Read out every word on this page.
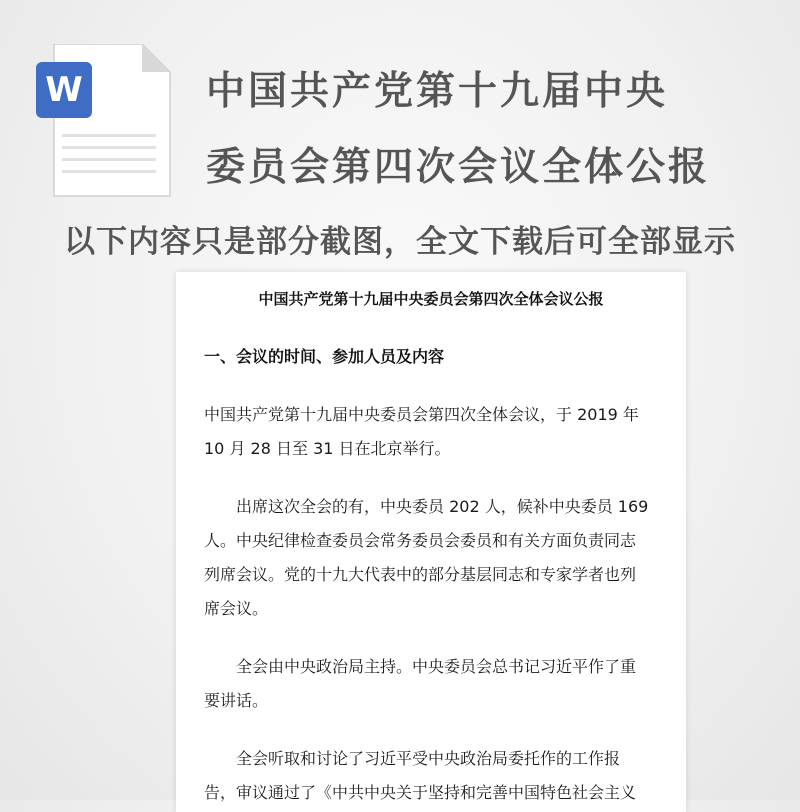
W	中国共产党第十九届中央
委员会第四次会议全体公报
以下内容只是部分截图，全文下载后可全部显示
中国共产党第十九届中央委员会第四次全体会议公报
一、会议的时间、参加人员及内容

中国共产党第十九届中央委员会第四次全体会议，于 2019 年
10 月 28 日至 31 日在北京举行。

出席这次全会的有，中央委员 202 人，候补中央委员 169
人。中央纪律检查委员会常务委员会委员和有关方面负责同志
列席会议。党的十九大代表中的部分基层同志和专家学者也列
席会议。

全会由中央政治局主持。中央委员会总书记习近平作了重
要讲话。

全会听取和讨论了习近平受中央政治局委托作的工作报
告，审议通过了《中共中央关于坚持和完善中国特色社会主义
